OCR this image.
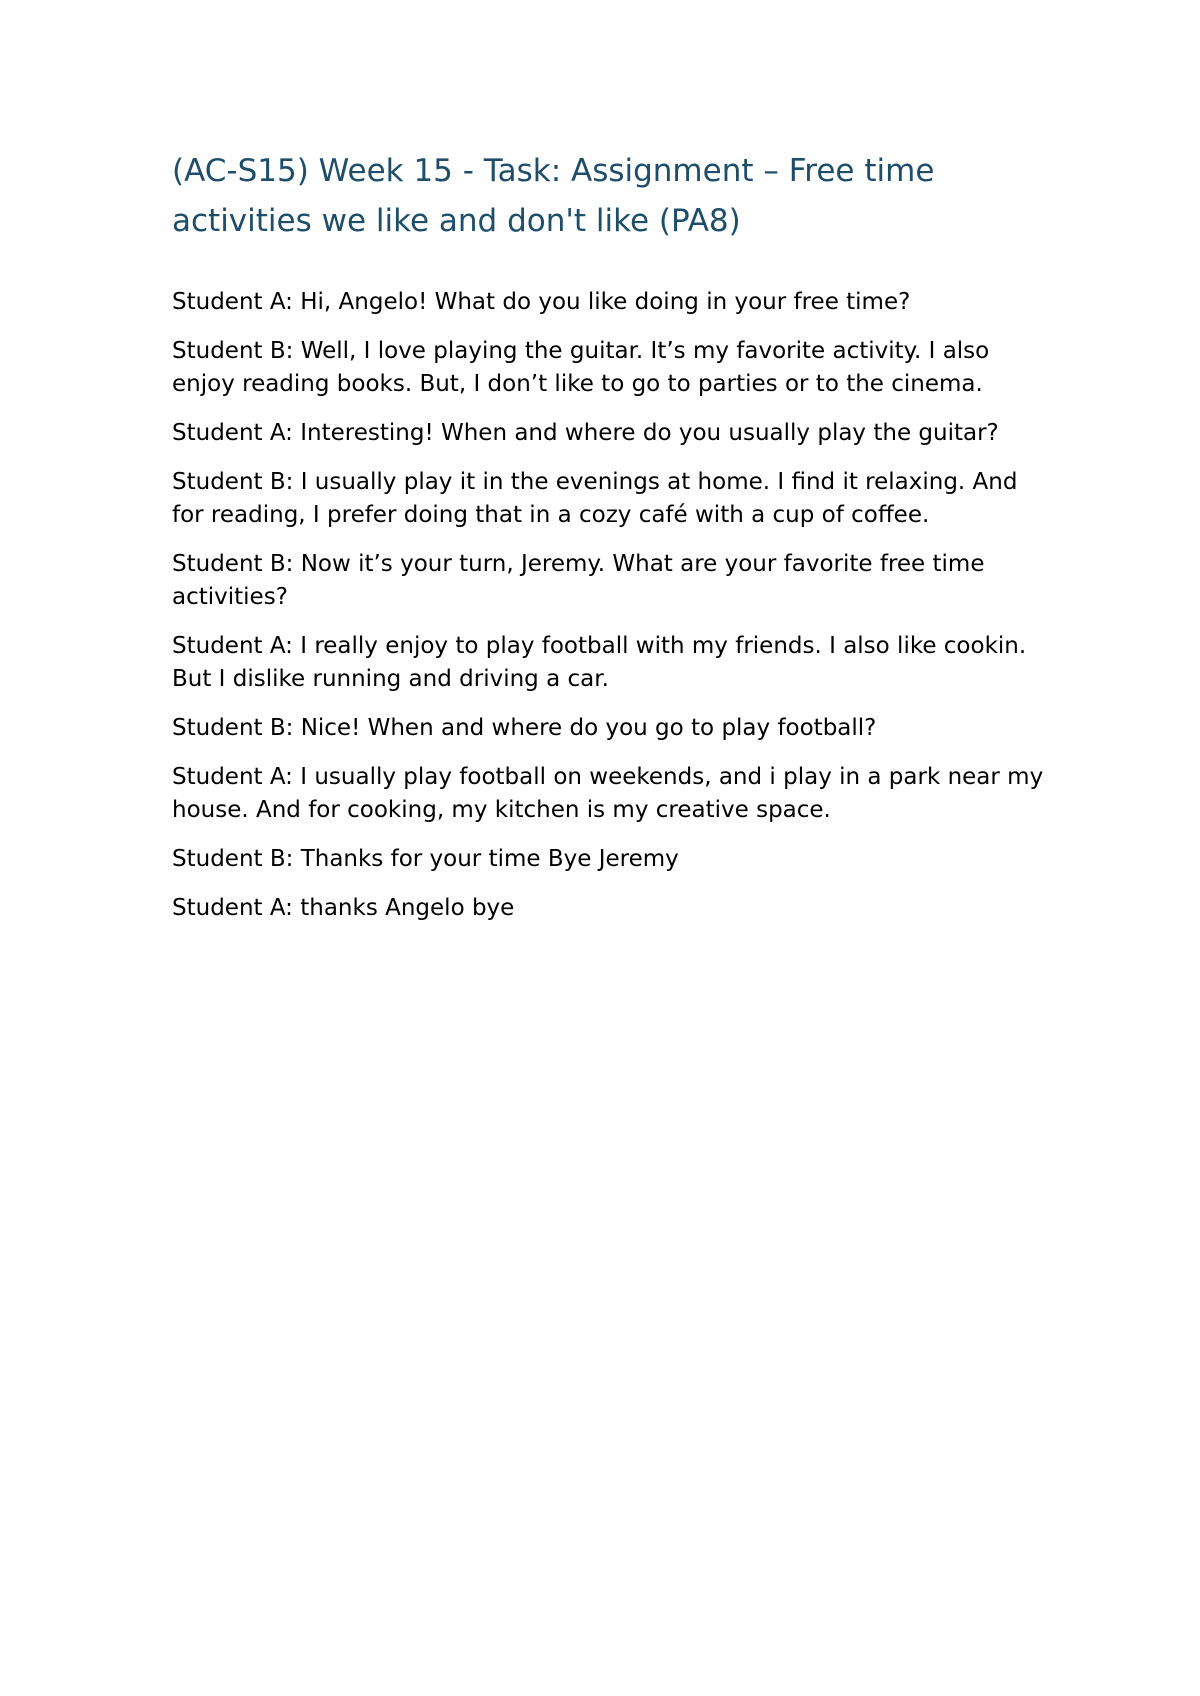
(AC-S15) Week 15 - Task: Assignment – Free time activities we like and don't like (PA8)

Student A: Hi, Angelo! What do you like doing in your free time?

Student B: Well, I love playing the guitar. It’s my favorite activity. I also enjoy reading books. But, I don’t like to go to parties or to the cinema.

Student A: Interesting! When and where do you usually play the guitar?

Student B: I usually play it in the evenings at home. I find it relaxing. And for reading, I prefer doing that in a cozy café with a cup of coffee.

Student B: Now it’s your turn, Jeremy. What are your favorite free time activities?

Student A: I really enjoy to play football with my friends. I also like cookin. But I dislike running and driving a car.

Student B: Nice! When and where do you go to play football?

Student A: I usually play football on weekends, and i play in a park near my house. And for cooking, my kitchen is my creative space.

Student B: Thanks for your time Bye Jeremy

Student A: thanks Angelo bye
